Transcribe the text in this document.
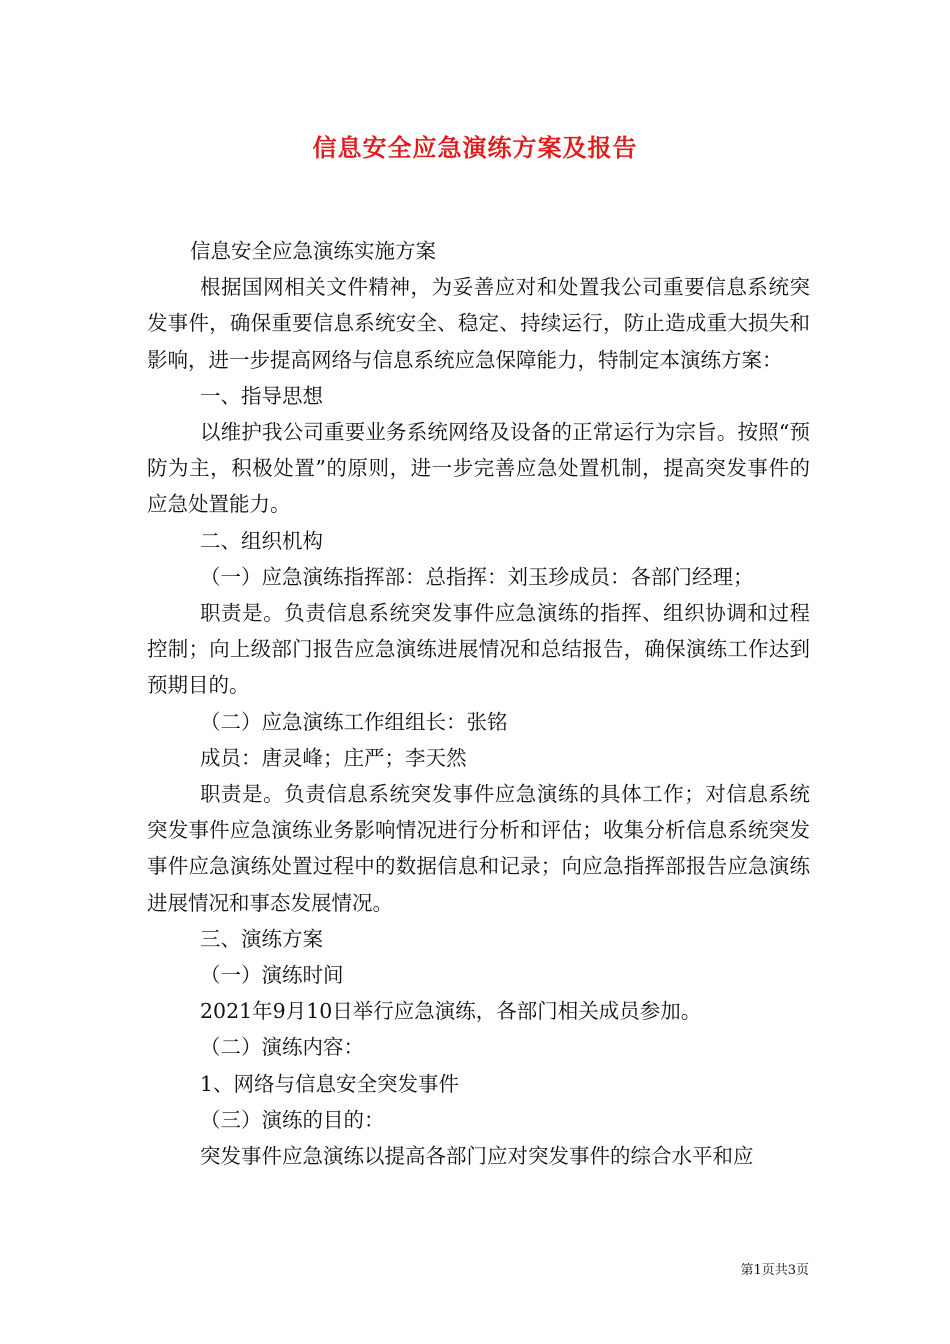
信息安全应急演练方案及报告

信息安全应急演练实施方案

根据国网相关文件精神，为妥善应对和处置我公司重要信息系统突发事件，确保重要信息系统安全、稳定、持续运行，防止造成重大损失和影响，进一步提高网络与信息系统应急保障能力，特制定本演练方案：

一、指导思想

以维护我公司重要业务系统网络及设备的正常运行为宗旨。按照“预防为主，积极处置”的原则，进一步完善应急处置机制，提高突发事件的应急处置能力。

二、组织机构

（一）应急演练指挥部：总指挥：刘玉珍成员：各部门经理；

职责是。负责信息系统突发事件应急演练的指挥、组织协调和过程控制；向上级部门报告应急演练进展情况和总结报告，确保演练工作达到预期目的。

（二）应急演练工作组组长：张铭

成员：唐灵峰；庄严；李天然

职责是。负责信息系统突发事件应急演练的具体工作；对信息系统突发事件应急演练业务影响情况进行分析和评估；收集分析信息系统突发事件应急演练处置过程中的数据信息和记录；向应急指挥部报告应急演练进展情况和事态发展情况。

三、演练方案

（一）演练时间

2021年9月10日举行应急演练，各部门相关成员参加。

（二）演练内容：

1、网络与信息安全突发事件

（三）演练的目的：

突发事件应急演练以提高各部门应对突发事件的综合水平和应

第1页共3页
